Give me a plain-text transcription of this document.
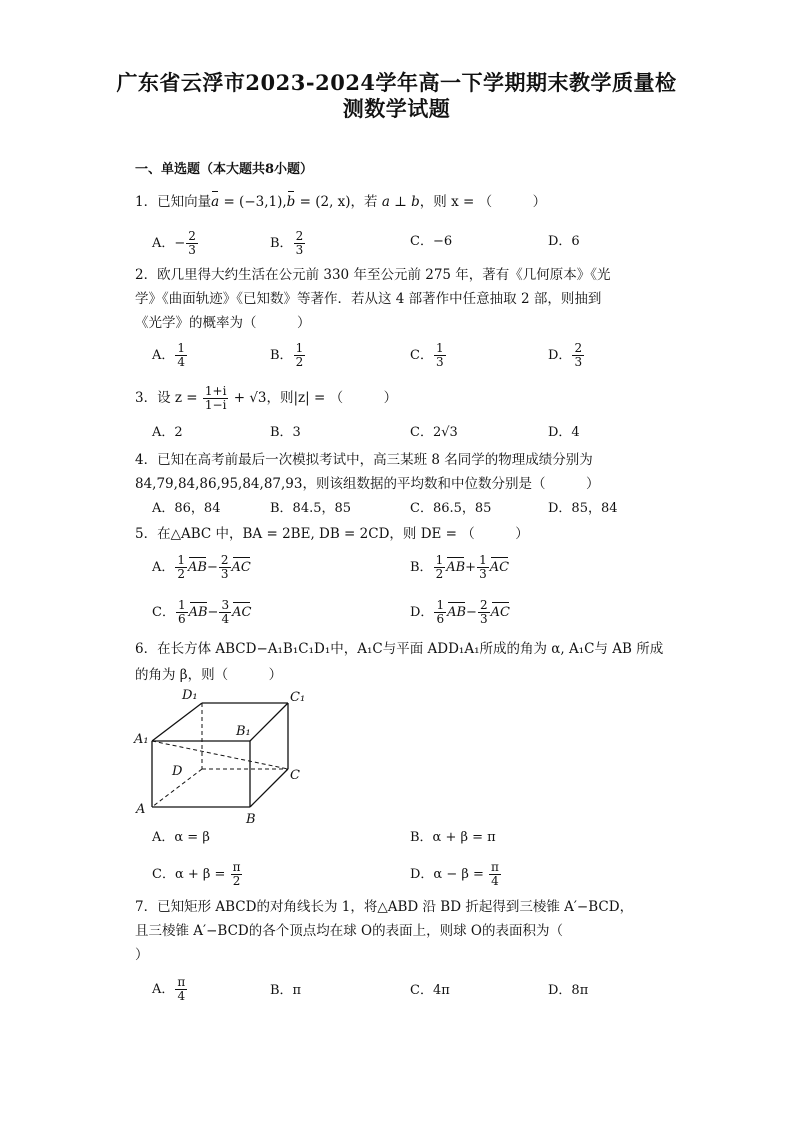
广东省云浮市2023-2024学年高一下学期期末教学质量检
测数学试题
一、单选题（本大题共8小题）
1．已知向量a = (−3,1),b = (2, x)，若 a ⊥ b，则 x = （　　　）
A．− $\frac{2}{3}$	B． $\frac{2}{3}$	C．−6	D．6
2．欧几里得大约生活在公元前 330 年至公元前 275 年，著有《几何原本》《光
学》《曲面轨迹》《已知数》等著作．若从这 4 部著作中任意抽取 2 部，则抽到
《光学》的概率为（　　　）
A． $\frac{1}{4}$	B． $\frac{1}{2}$	C． $\frac{1}{3}$	D． $\frac{2}{3}$
3．设 $z = \frac{1+i}{1-i} + √3$，则|z| = （　　　）
A．2	B．3	C．2√3	D．4
4．已知在高考前最后一次模拟考试中，高三某班 8 名同学的物理成绩分别为
84,79,84,86,95,84,87,93，则该组数据的平均数和中位数分别是（　　　）
A．86，84	B．84.5，85	C．86.5，85	D．85，84
5．在△ABC 中，BA = 2BE, DB = 2CD，则 DE = （　　　）
A． $\frac{1}{2} AB- \frac{2}{3}$ AC	B． $\frac{1}{2} AB+ \frac{1}{3}$ AC
C． $\frac{1}{6} AB- \frac{3}{4}$ AC	D． $\frac{1}{6} AB- \frac{2}{3}$ AC
6．在长方体 ABCD−A₁B₁C₁D₁中，A₁C与平面 ADD₁A₁所成的角为 α, A₁C与 AB 所成
的角为 β，则（　　　）
D₁	C₁
A₁
B₁
D	C
A
B
A．α = β	B．α + β = π
C．$\alpha + \beta = \frac{\pi}{2}$	D．$\alpha - \beta = \frac{\pi}{4}$
7．已知矩形 ABCD的对角线长为 1，将△ABD 沿 BD 折起得到三棱锥 A′−BCD，
且三棱锥 A′−BCD的各个顶点均在球 O的表面上，则球 O的表面积为（
）
A． $\frac{\pi}{4}$	B．π	C．4π	D．8π
